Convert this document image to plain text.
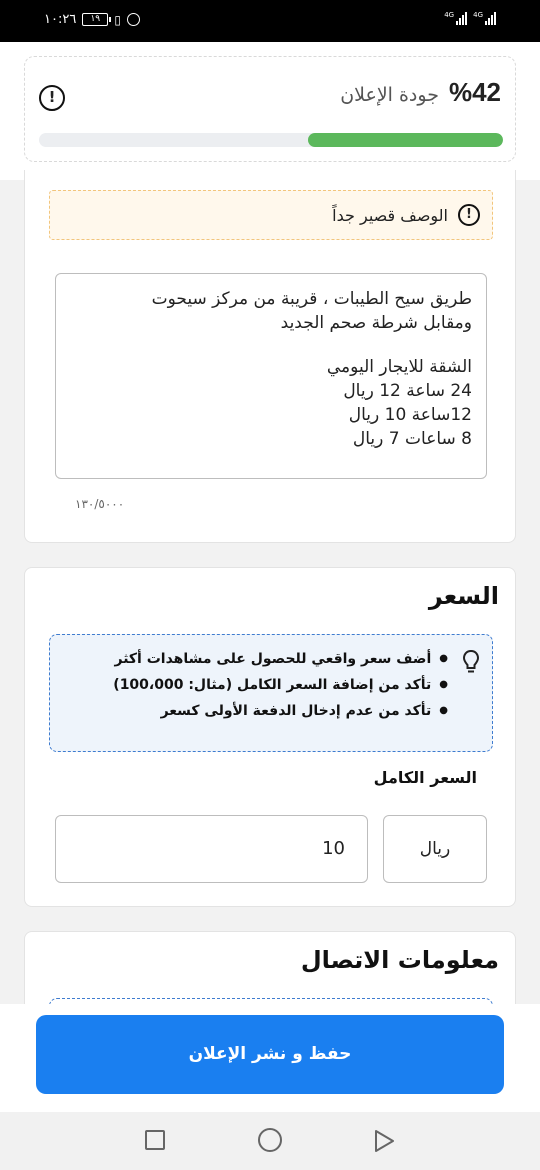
١٠:٢٦	١٩	▯	4G	4G
%42
جودة الإعلان
!
!
الوصف قصير جداً
طريق سيح الطيبات ، قريبة من مركز سيحوت
ومقابل شرطة صحم الجديد
الشقة للايجار اليومي
24 ساعة 12 ريال
12ساعة 10 ريال
8 ساعات 7 ريال
١٣٠/٥٠٠٠
السعر
● أضف سعر واقعي للحصول على مشاهدات أكثر
● تأكد من إضافة السعر الكامل (مثال: 100،000)
● تأكد من عدم إدخال الدفعة الأولى كسعر
السعر الكامل
10	ريال
معلومات الاتصال
حفظ و نشر الإعلان
